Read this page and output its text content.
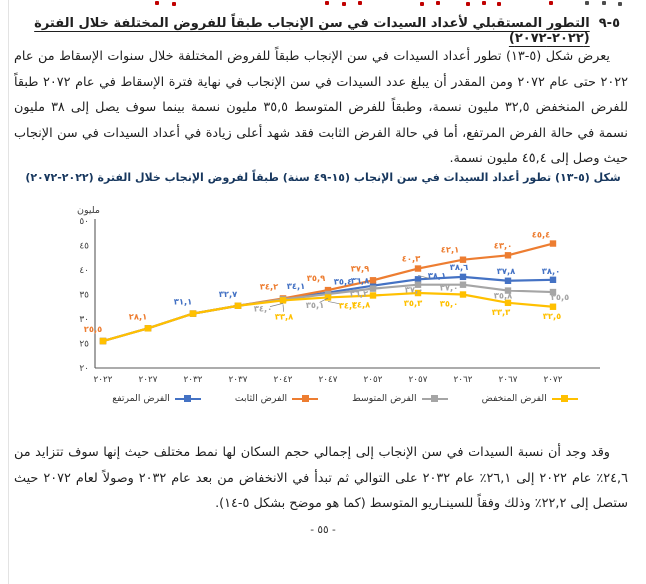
٥-٩
التطور المستقبلي لأعداد السيدات في سن الإنجاب طبقاً للفروض المختلفة خلال الفترة (٢٠٢٢-٢٠٧٢)

يعرض شكل (٥-١٣) تطور أعداد السيدات في سن الإنجاب طبقاً للفروض المختلفة خلال سنوات الإسقاط من عام ٢٠٢٢ حتى عام ٢٠٧٢ ومن المقدر أن يبلغ عدد السيدات في سن الإنجاب في نهاية فترة الإسقاط في عام ٢٠٧٢ طبقاً للفرض المنخفض ٣٢,٥ مليون نسمة، وطبقاً للفرض المتوسط ٣٥,٥ مليون نسمة بينما سوف يصل إلى ٣٨ مليون نسمة في حالة الفرض المرتفع، أما في حالة الفرض الثابت فقد شهد أعلى زيادة في أعداد السيدات في سن الإنجاب حيث وصل إلى ٤٥,٤ مليون نسمة.

شكل (٥-١٣) تطور أعداد السيدات في سن الإنجاب (١٥-٤٩ سنة) طبقاً لفروض الإنجاب خلال الفترة (٢٠٢٢-٢٠٧٢)
مليون
٥٠
٤٥
٤٠
٣٥
٣٠
٢٥
٢٠
٢٠٢٢	٢٠٢٧	٢٠٣٢	٢٠٣٧	٢٠٤٢	٢٠٤٧	٢٠٥٢	٢٠٥٧	٢٠٦٢	٢٠٦٧	٢٠٧٢
٣١,١
٣٢,٧
٣٤,١	٣٥,٤
٣٦,٨
٣٨,١
٣٨,٦	٣٧,٨	٣٨,٠
٢٥,٥
٢٨,١
٣٤,٢
٣٥,٩
٣٧,٩
٤٠,٣
٤٢,١	٤٣,٠
٤٥,٤
٣٤,٠	٣٥,١
٣٦,٢	٣٧,٠ ٣٧,٠
٣٥,٨	٣٥,٥
٣٣,٨
٣٤,٤
٣٤,٨	٣٥,٣ ٣٥,٠
٣٣,٣	٣٢,٥
الفرض المرتفع	الفرض الثابت	الفرض المتوسط	الفرض المنخفض

وقد وجد أن نسبة السيدات في سن الإنجاب إلى إجمالي حجم السكان لها نمط مختلف حيث إنها سوف تتزايد من ٢٤,٦٪ عام ٢٠٢٢ إلى ٢٦,١٪ عام ٢٠٣٢ على التوالي ثم تبدأ في الانخفاض من بعد عام ٢٠٣٢ وصولاً لعام ٢٠٧٢ حيث ستصل إلى ٢٢,٢٪ وذلك وفقاً للسينـاريو المتوسط (كما هو موضح بشكل ٥-١٤).

- ٥٥ -
